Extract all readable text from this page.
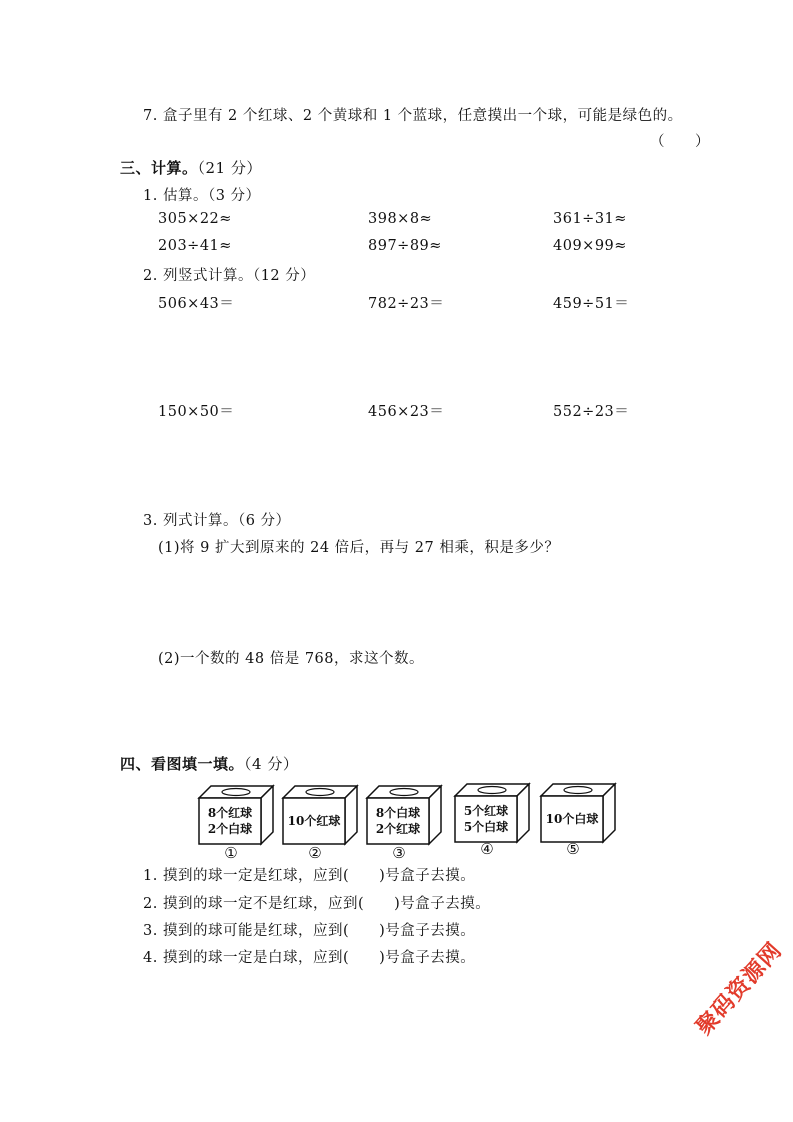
7. 盒子里有 2 个红球、2 个黄球和 1 个蓝球，任意摸出一个球，可能是绿色的。
（　　）
三、计算。（21 分）
1. 估算。（3 分）
305×22≈	398×8≈	361÷31≈
203÷41≈	897÷89≈	409×99≈
2. 列竖式计算。（12 分）
506×43＝	782÷23＝	459÷51＝
150×50＝	456×23＝	552÷23＝
3. 列式计算。（6 分）
(1)将 9 扩大到原来的 24 倍后，再与 27 相乘，积是多少？
(2)一个数的 48 倍是 768，求这个数。
四、看图填一填。（4 分）
8个红球
2个白球
①
10个红球
②
8个白球
2个红球
③
5个红球
5个白球
④
10个白球
⑤
1. 摸到的球一定是红球，应到(　　)号盒子去摸。
2. 摸到的球一定不是红球，应到(　　)号盒子去摸。
3. 摸到的球可能是红球，应到(　　)号盒子去摸。
4. 摸到的球一定是白球，应到(　　)号盒子去摸。	聚码资源网
